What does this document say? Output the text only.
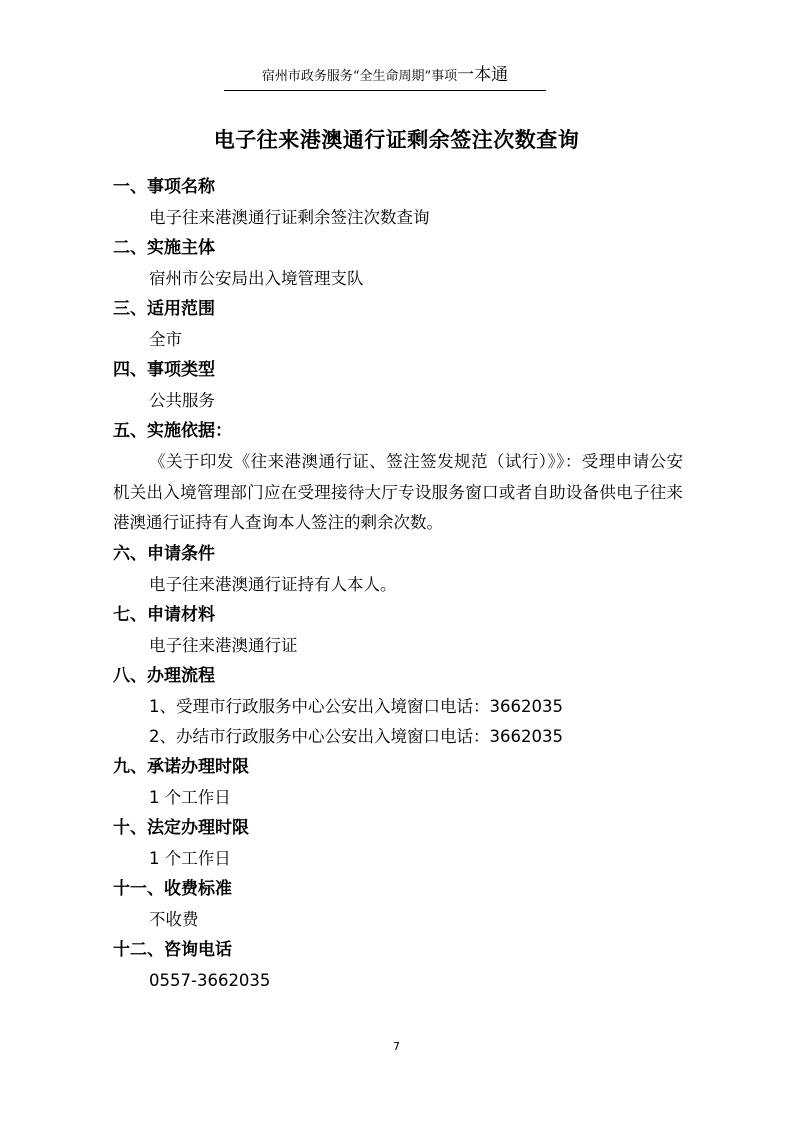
宿州市政务服务“全生命周期”事项一本通
电子往来港澳通行证剩余签注次数查询
一、事项名称
电子往来港澳通行证剩余签注次数查询
二、实施主体
宿州市公安局出入境管理支队
三、适用范围
全市
四、事项类型
公共服务
五、实施依据：
《关于印发《往来港澳通行证、签注签发规范（试行）》》：受理申请公安机关出入境管理部门应在受理接待大厅专设服务窗口或者自助设备供电子往来港澳通行证持有人查询本人签注的剩余次数。
六、申请条件
电子往来港澳通行证持有人本人。
七、申请材料
电子往来港澳通行证
八、办理流程
1、受理市行政服务中心公安出入境窗口电话：3662035
2、办结市行政服务中心公安出入境窗口电话：3662035
九、承诺办理时限
1 个工作日
十、法定办理时限
1 个工作日
十一、收费标准
不收费
十二、咨询电话
0557-3662035
7
